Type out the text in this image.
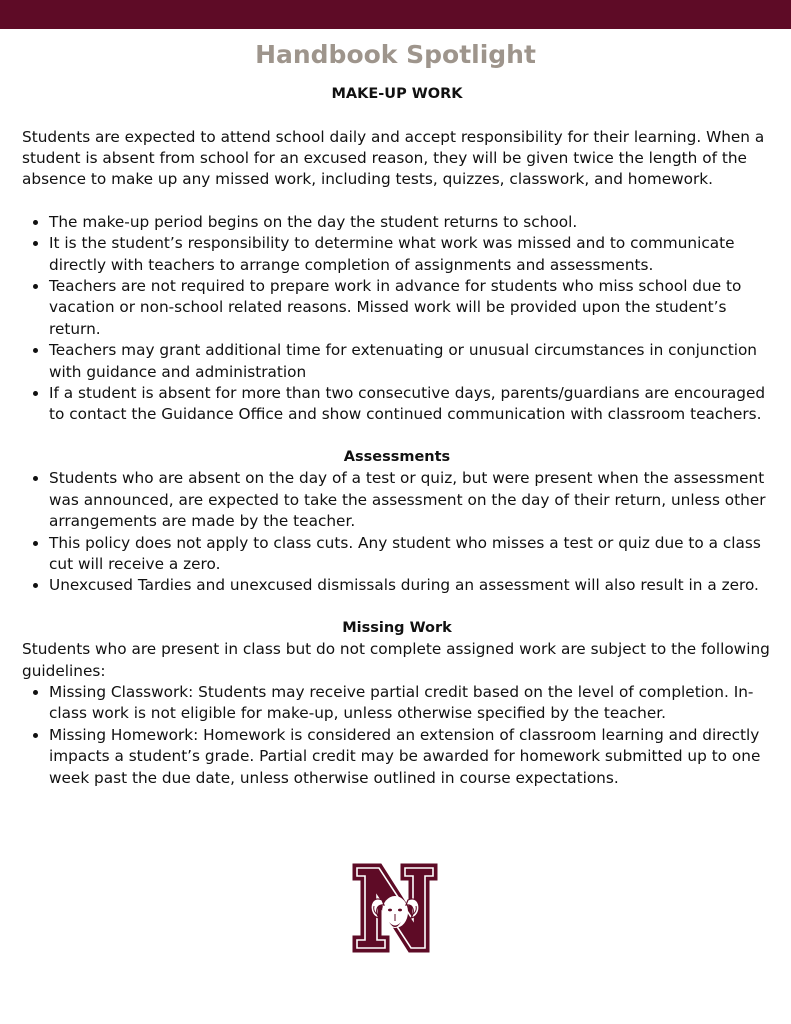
Handbook Spotlight
MAKE-UP WORK

Students are expected to attend school daily and accept responsibility for their learning. When a student is absent from school for an excused reason, they will be given twice the length of the absence to make up any missed work, including tests, quizzes, classwork, and homework.

• The make-up period begins on the day the student returns to school.
• It is the student’s responsibility to determine what work was missed and to communicate directly with teachers to arrange completion of assignments and assessments.
• Teachers are not required to prepare work in advance for students who miss school due to vacation or non-school related reasons. Missed work will be provided upon the student’s return.
• Teachers may grant additional time for extenuating or unusual circumstances in conjunction with guidance and administration
• If a student is absent for more than two consecutive days, parents/guardians are encouraged to contact the Guidance Office and show continued communication with classroom teachers.
Assessments
• Students who are absent on the day of a test or quiz, but were present when the assessment was announced, are expected to take the assessment on the day of their return, unless other arrangements are made by the teacher.
• This policy does not apply to class cuts. Any student who misses a test or quiz due to a class cut will receive a zero.
• Unexcused Tardies and unexcused dismissals during an assessment will also result in a zero.
Missing Work

Students who are present in class but do not complete assigned work are subject to the following guidelines:

• Missing Classwork: Students may receive partial credit based on the level of completion. In-class work is not eligible for make-up, unless otherwise specified by the teacher.
• Missing Homework: Homework is considered an extension of classroom learning and directly impacts a student’s grade. Partial credit may be awarded for homework submitted up to one week past the due date, unless otherwise outlined in course expectations.
